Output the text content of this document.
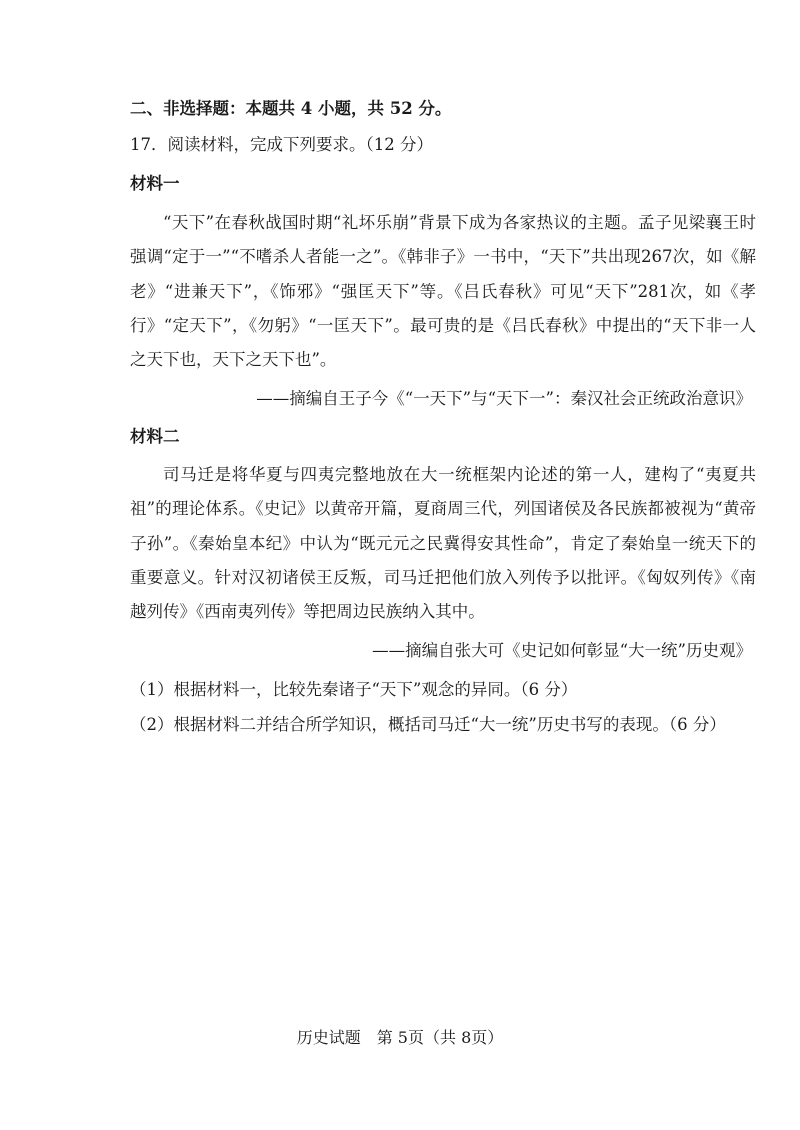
二、非选择题：本题共 4 小题，共 52 分。
17．阅读材料，完成下列要求。（12 分）
材料一

“天下”在春秋战国时期“礼坏乐崩”背景下成为各家热议的主题。孟子见梁襄王时强调“定于一”“不嗜杀人者能一之”。《韩非子》一书中，“天下”共出现267次，如《解老》“进兼天下”，《饰邪》“强匡天下”等。《吕氏春秋》可见“天下”281次，如《孝行》“定天下”，《勿躬》“一匡天下”。最可贵的是《吕氏春秋》中提出的“天下非一人之天下也，天下之天下也”。

——摘编自王子今《“一天下”与“天下一”：秦汉社会正统政治意识》
材料二

司马迁是将华夏与四夷完整地放在大一统框架内论述的第一人，建构了“夷夏共祖”的理论体系。《史记》以黄帝开篇，夏商周三代，列国诸侯及各民族都被视为“黄帝子孙”。《秦始皇本纪》中认为“既元元之民冀得安其性命”，肯定了秦始皇一统天下的重要意义。针对汉初诸侯王反叛，司马迁把他们放入列传予以批评。《匈奴列传》《南越列传》《西南夷列传》等把周边民族纳入其中。

——摘编自张大可《史记如何彰显“大一统”历史观》
（1）根据材料一，比较先秦诸子“天下”观念的异同。（6 分）
（2）根据材料二并结合所学知识，概括司马迁“大一统”历史书写的表现。（6 分）
历史试题　第 5页（共 8页）
